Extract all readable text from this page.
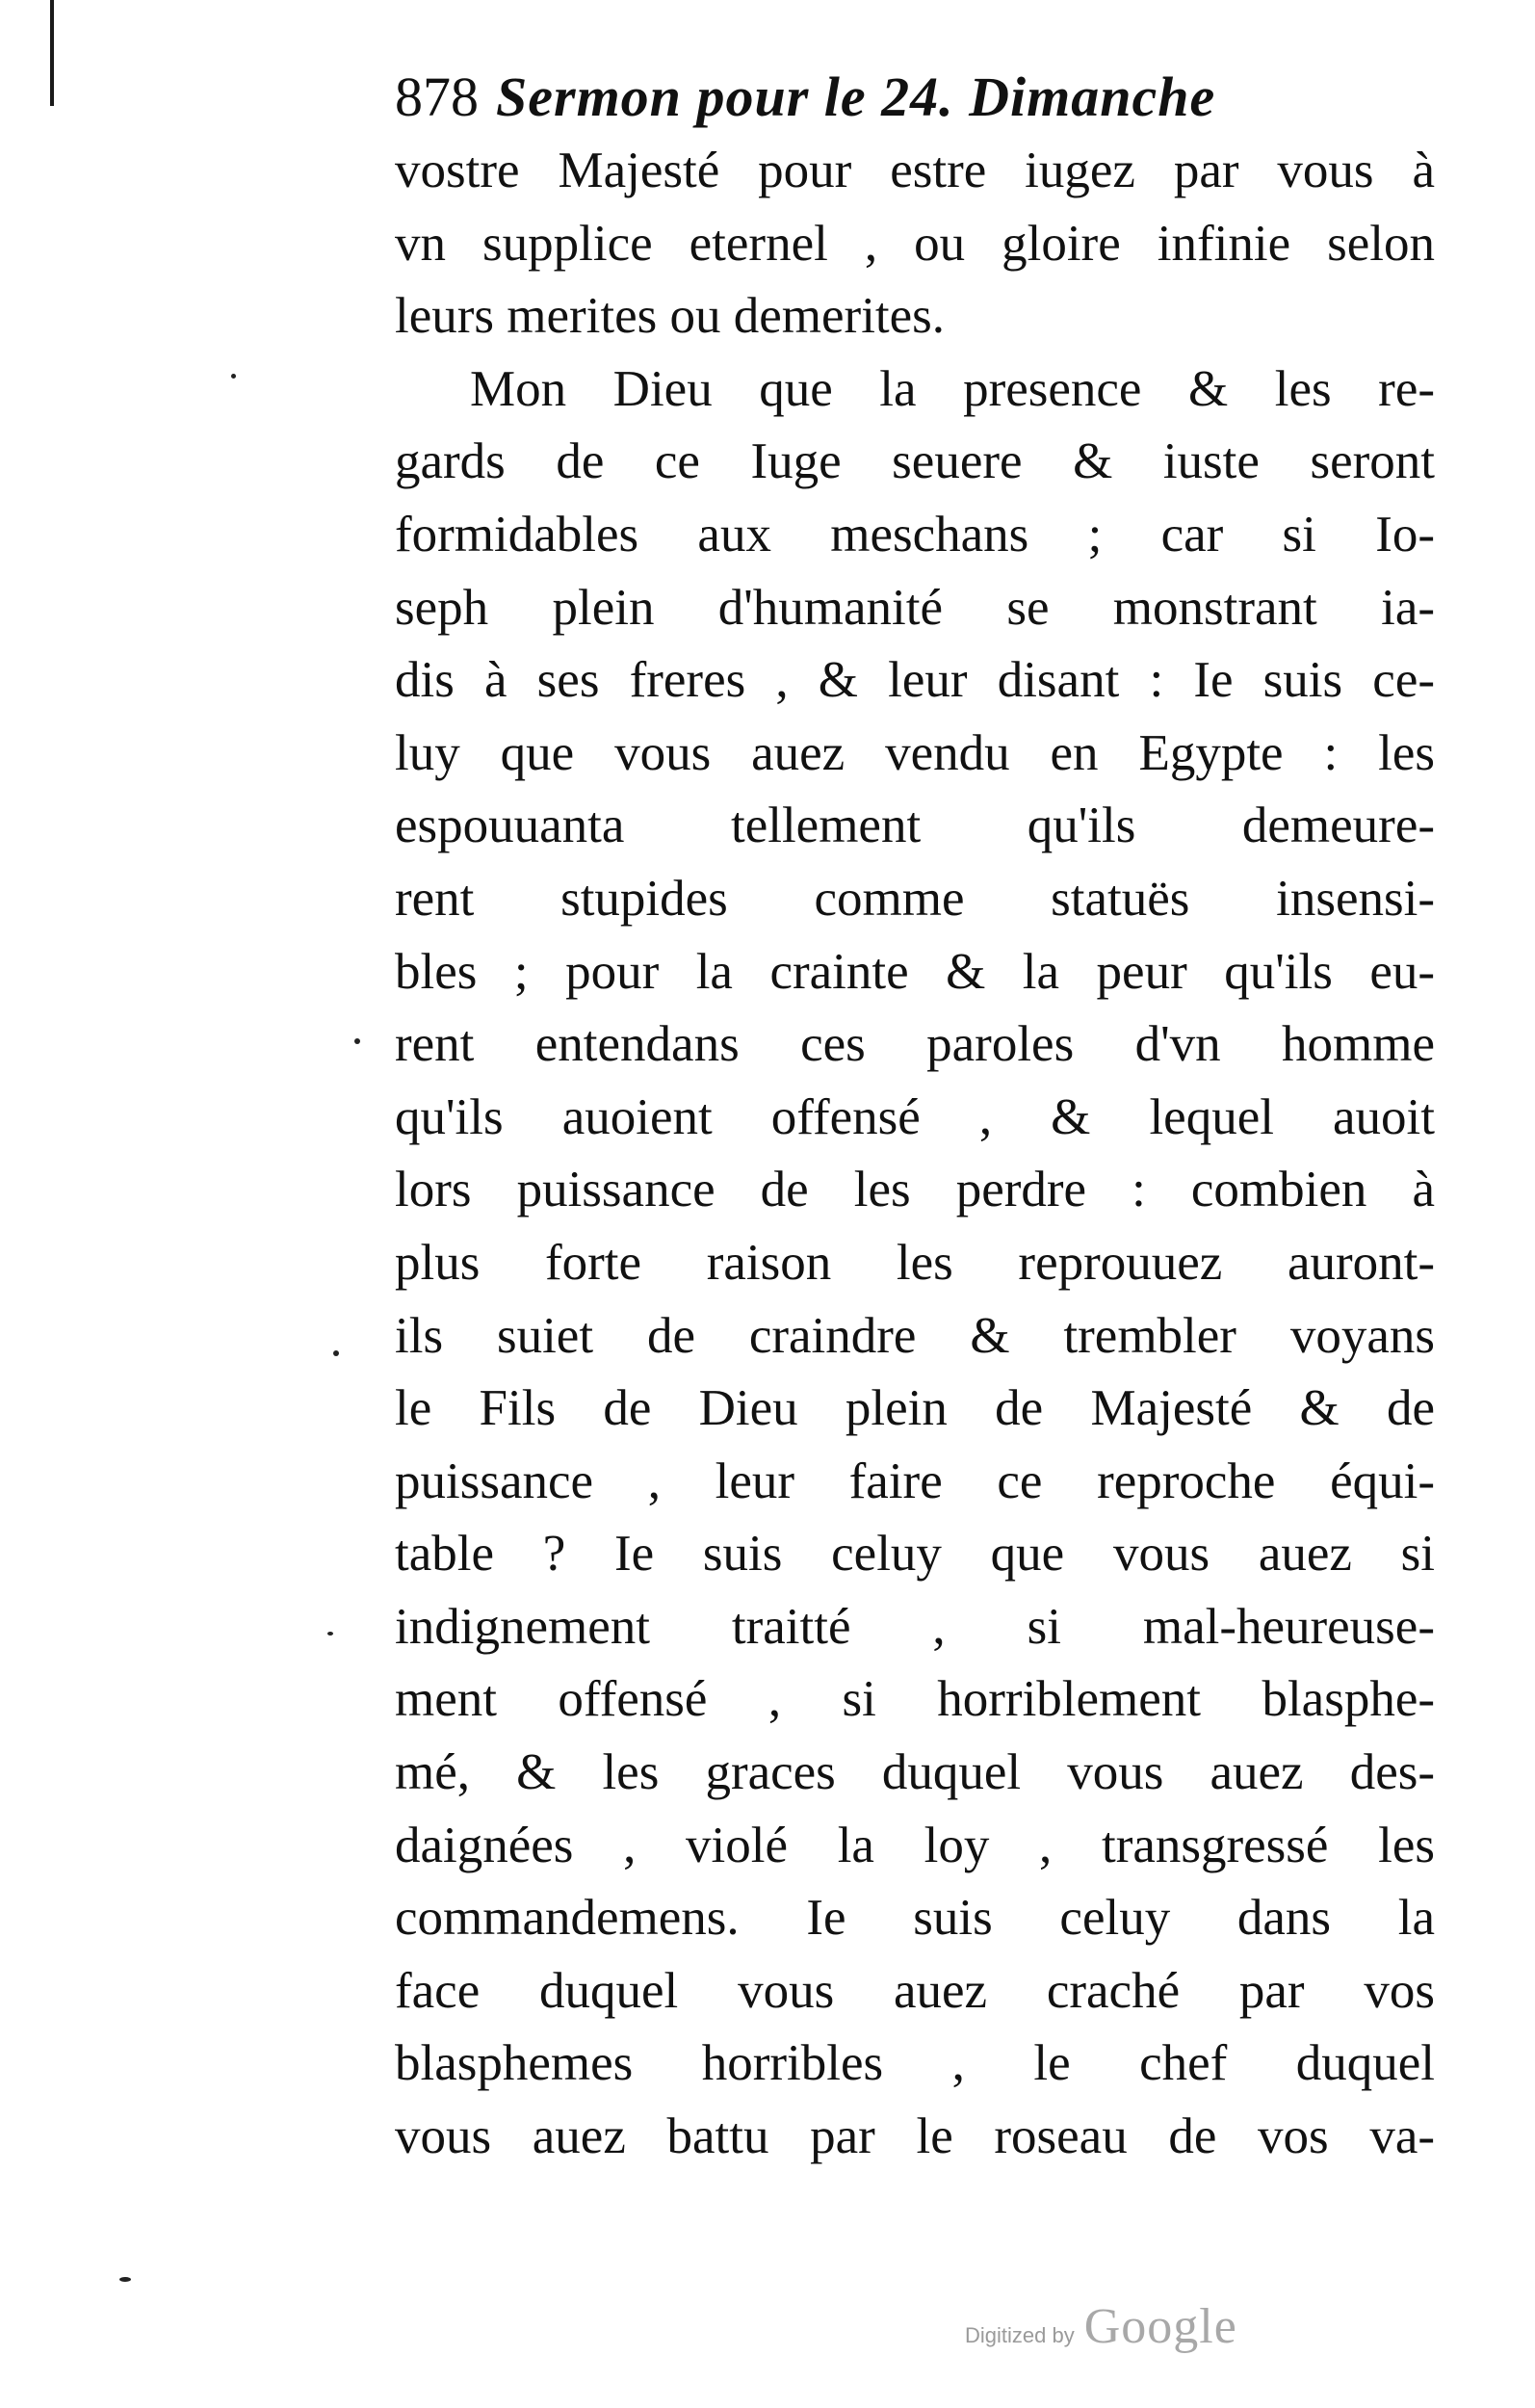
878 Sermon pour le 24. Dimanche
vostre Majesté pour estre iugez par vous à
vn supplice eternel , ou gloire infinie selon
leurs merites ou demerites.
Mon Dieu que la presence & les re-
gards de ce Iuge seuere & iuste seront
formidables aux meschans ; car si Io-
seph plein d'humanité se monstrant ia-
dis à ses freres , & leur disant : Ie suis ce-
luy que vous auez vendu en Egypte : les
espouuanta tellement qu'ils demeure-
rent stupides comme statuës insensi-
bles ; pour la crainte & la peur qu'ils eu-
rent entendans ces paroles d'vn homme
qu'ils auoient offensé , & lequel auoit
lors puissance de les perdre : combien à
plus forte raison les reprouuez auront-
ils suiet de craindre & trembler voyans
le Fils de Dieu plein de Majesté & de
puissance , leur faire ce reproche équi-
table ? Ie suis celuy que vous auez si
indignement traitté , si mal-heureuse-
ment offensé , si horriblement blasphe-
mé, & les graces duquel vous auez des-
daignées , violé la loy , transgressé les
commandemens. Ie suis celuy dans la
face duquel vous auez craché par vos
blasphemes horribles , le chef duquel
vous auez battu par le roseau de vos va-
Digitized by Google
